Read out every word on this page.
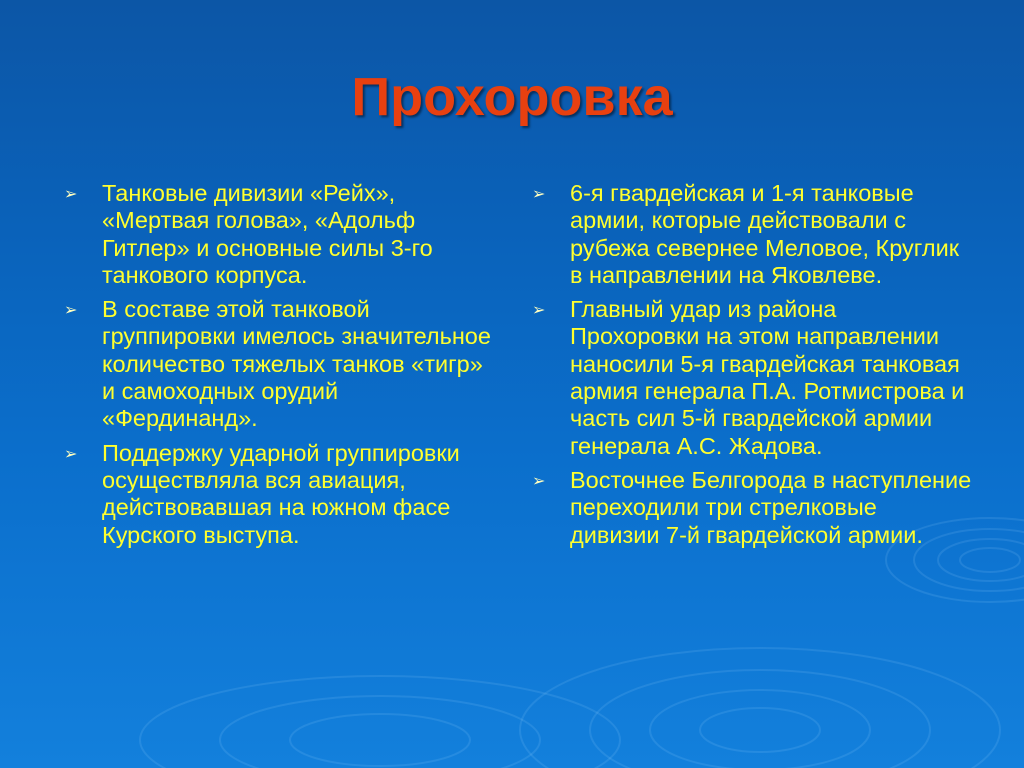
Прохоровка
➢ Танковые дивизии «Рейх», «Мертвая голова», «Адольф Гитлер» и основные силы 3-го танкового корпуса.
➢ В составе этой танковой группировки имелось значительное количество тяжелых танков «тигр» и самоходных орудий «Фердинанд».
➢ Поддержку ударной группировки осуществляла вся авиация, действовавшая на южном фасе Курского выступа.
➢ 6-я гвардейская и 1-я танковые армии, которые действовали с рубежа севернее Меловое, Круглик в направлении на Яковлеве.
➢ Главный удар из района Прохоровки на этом направлении наносили 5-я гвардейская танковая армия генерала П.А. Ротмистрова и часть сил 5-й гвардейской армии генерала А.С. Жадова.
➢ Восточнее Белгорода в наступление переходили три стрелковые дивизии 7-й гвардейской армии.
